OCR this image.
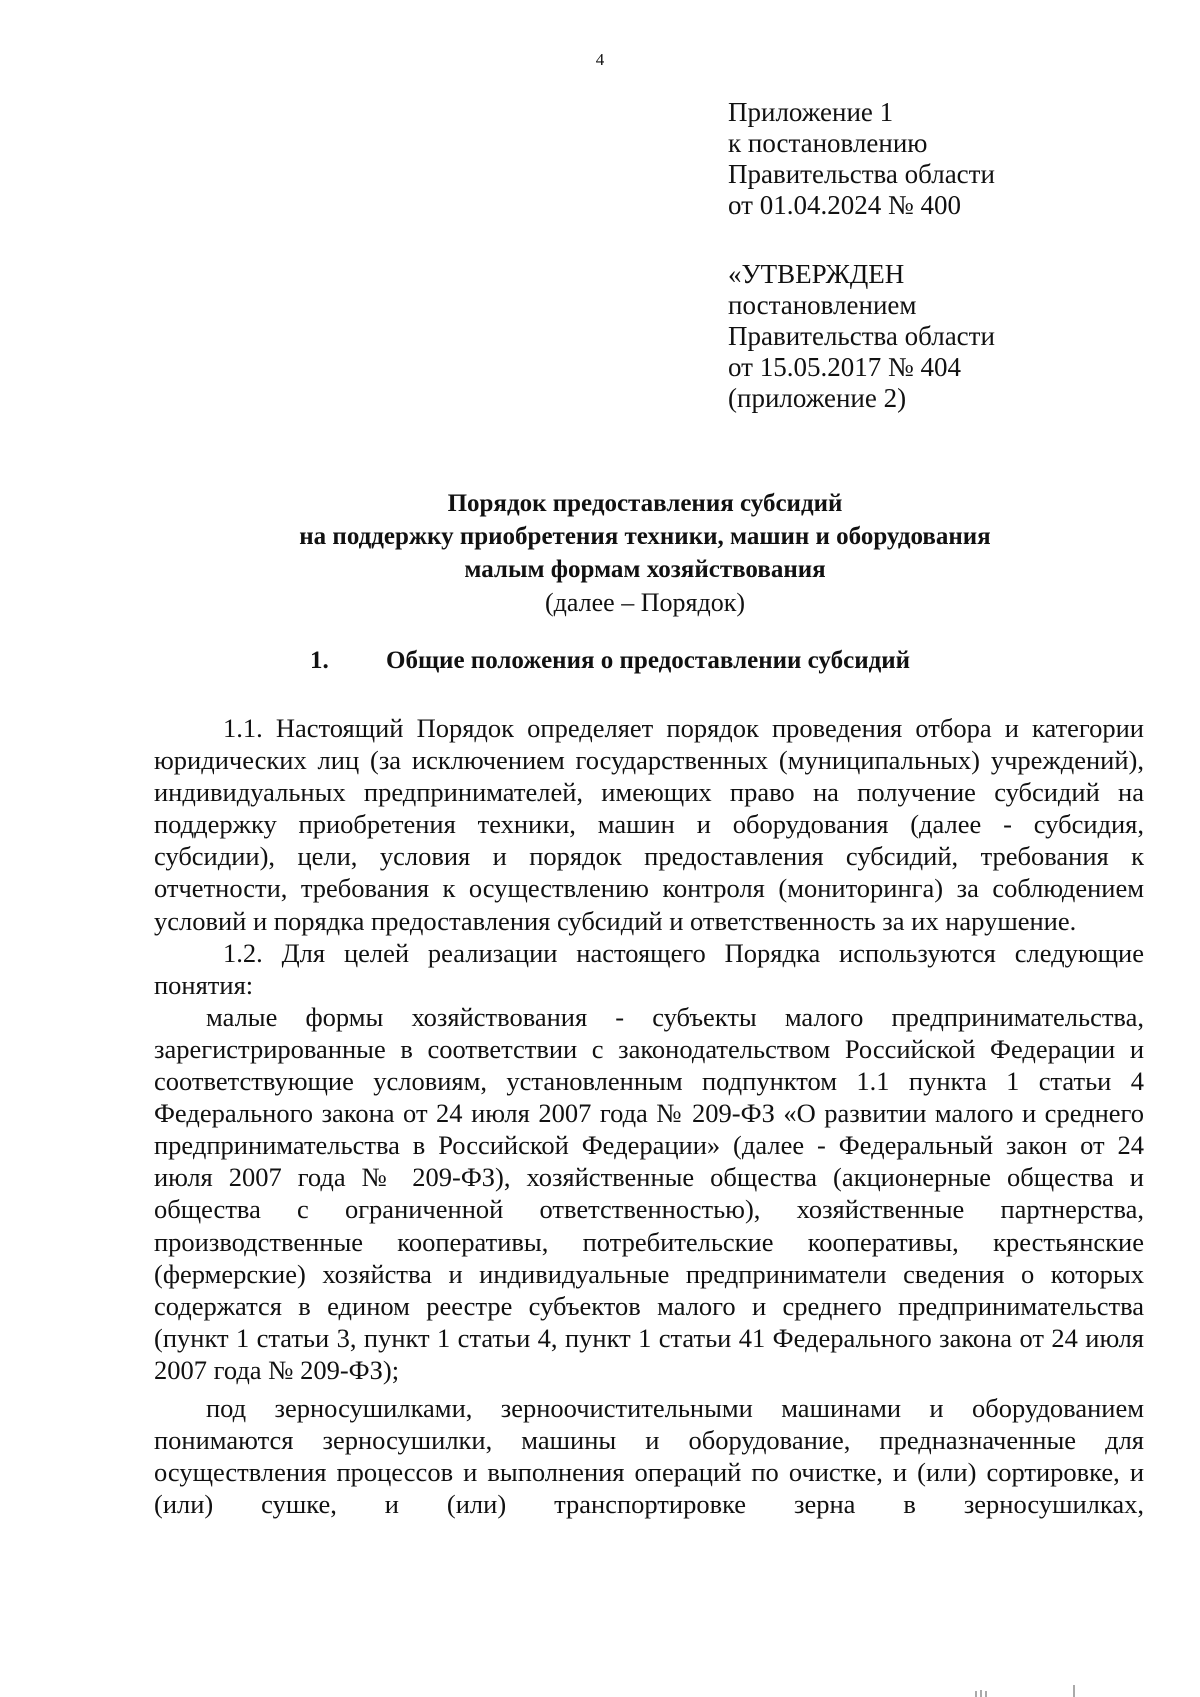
4
Приложение 1
к постановлению
Правительства области
от 01.04.2024 № 400
«УТВЕРЖДЕН
постановлением
Правительства области
от 15.05.2017 № 404
(приложение 2)
Порядок предоставления субсидий
на поддержку приобретения техники, машин и оборудования
малым формам хозяйствования
(далее – Порядок)
1. Общие положения о предоставлении субсидий

1.1. Настоящий Порядок определяет порядок проведения отбора и категории юридических лиц (за исключением государственных (муниципальных) учреждений), индивидуальных предпринимателей, имеющих право на получение субсидий на поддержку приобретения техники, машин и оборудования (далее - субсидия, субсидии), цели, условия и порядок предоставления субсидий, требования к отчетности, требования к осуществлению контроля (мониторинга) за соблюдением условий и порядка предоставления субсидий и ответственность за их нарушение.

1.2. Для целей реализации настоящего Порядка используются следующие понятия:

малые формы хозяйствования - субъекты малого предпринимательства, зарегистрированные в соответствии с законодательством Российской Федерации и соответствующие условиям, установленным подпунктом 1.1 пункта 1 статьи 4 Федерального закона от 24 июля 2007 года № 209-ФЗ «О развитии малого и среднего предпринимательства в Российской Федерации» (далее - Федеральный закон от 24 июля 2007 года № 209-ФЗ), хозяйственные общества (акционерные общества и общества с ограниченной ответственностью), хозяйственные партнерства, производственные кооперативы, потребительские кооперативы, крестьянские (фермерские) хозяйства и индивидуальные предприниматели сведения о которых содержатся в едином реестре субъектов малого и среднего предпринимательства (пункт 1 статьи 3, пункт 1 статьи 4, пункт 1 статьи 41 Федерального закона от 24 июля 2007 года № 209-ФЗ);

под зерносушилками, зерноочистительными машинами и оборудованием понимаются зерносушилки, машины и оборудование, предназначенные для осуществления процессов и выполнения операций по очистке, и (или) сортировке, и (или) сушке, и (или) транспортировке зерна в зерносушилках,
